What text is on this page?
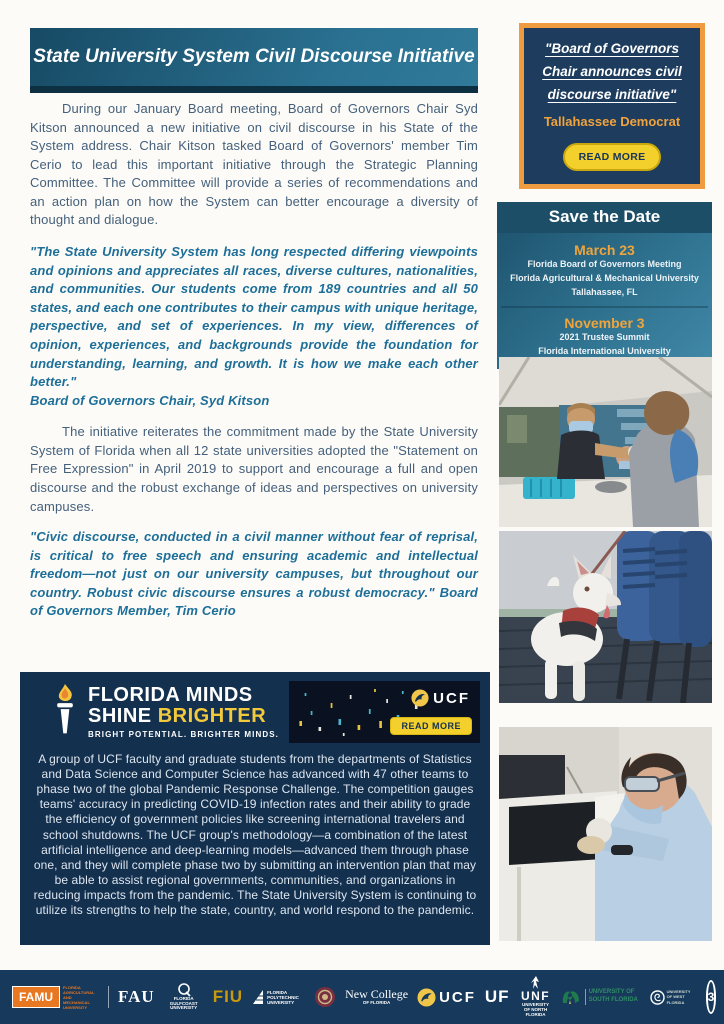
State University System Civil Discourse Initiative

During our January Board meeting, Board of Governors Chair Syd Kitson announced a new initiative on civil discourse in his State of the System address. Chair Kitson tasked Board of Governors' member Tim Cerio to lead this important initiative through the Strategic Planning Committee. The Committee will provide a series of recommendations and an action plan on how the System can better encourage a diversity of thought and dialogue.

"The State University System has long respected differing viewpoints and opinions and appreciates all races, diverse cultures, nationalities, and communities. Our students come from 189 countries and all 50 states, and each one contributes to their campus with unique heritage, perspective, and set of experiences. In my view, differences of opinion, experiences, and backgrounds provide the foundation for understanding, learning, and growth. It is how we make each other better."

Board of Governors Chair, Syd Kitson

The initiative reiterates the commitment made by the State University System of Florida when all 12 state universities adopted the "Statement on Free Expression" in April 2019 to support and encourage a full and open discourse and the robust exchange of ideas and perspectives on university campuses.

"Civic discourse, conducted in a civil manner without fear of reprisal, is critical to free speech and ensuring academic and intellectual freedom—not just on our university campuses, but throughout our country. Robust civic discourse ensures a robust democracy." Board of Governors Member, Tim Cerio

FLORIDA MINDS
SHINE BRIGHTER
BRIGHT POTENTIAL. BRIGHTER MINDS.
UCF
READ MORE
A group of UCF faculty and graduate students from the departments of Statistics and Data Science and Computer Science has advanced with 47 other teams to phase two of the global Pandemic Response Challenge. The competition gauges teams' accuracy in predicting COVID-19 infection rates and their ability to grade the efficiency of government policies like screening international travelers and school shutdowns. The UCF group's methodology—a combination of the latest artificial intelligence and deep-learning models—advanced them through phase one, and they will complete phase two by submitting an intervention plan that may be able to assist regional governments, communities, and organizations in reducing impacts from the pandemic. The State University System is continuing to utilize its strengths to help the state, country, and world respond to the pandemic.
"Board of Governors Chair announces civil discourse initiative"
Tallahassee Democrat
READ MORE
Save the Date
March 23
Florida Board of Governors Meeting
Florida Agricultural & Mechanical University
Tallahassee, FL
November 3
2021 Trustee Summit
Florida International University
FAMU
FLORIDA AGRICULTURAL AND MECHANICAL UNIVERSITY
FAU	FLORIDA GULFCOAST UNIVERSITY
FIU	FLORIDA POLYTECHNIC UNIVERSITY
New College
OF FLORIDA	UCF UF UNF
UNIVERSITY OF NORTH FLORIDA
UNIVERSITY OF SOUTH FLORIDA
UNIVERSITY OF WEST FLORIDA	3
